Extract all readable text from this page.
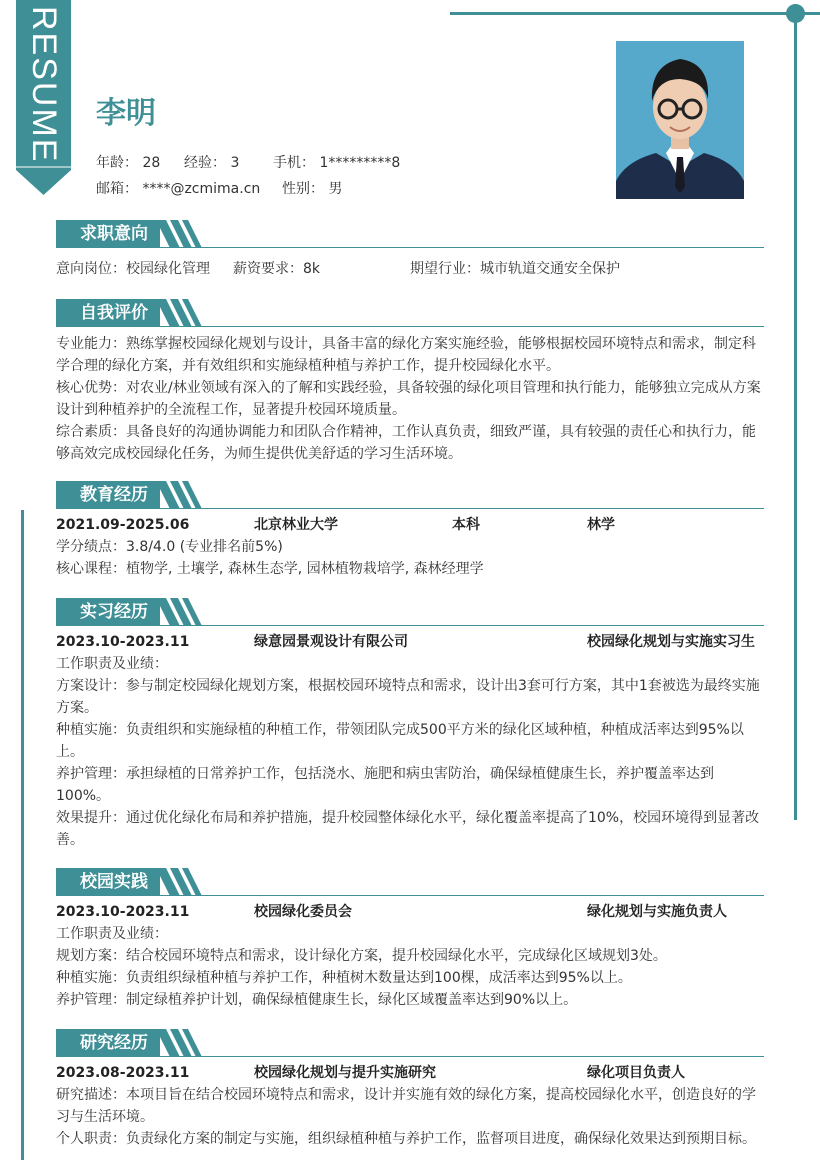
RESUME 李明
年龄： 28 经验： 3 手机： 1*********8
邮箱： ****@zcmima.cn 性别： 男
求职意向
意向岗位：校园绿化管理	薪资要求：8k	期望行业：城市轨道交通安全保护
自我评价

专业能力：熟练掌握校园绿化规划与设计，具备丰富的绿化方案实施经验，能够根据校园环境特点和需求，制定科学合理的绿化方案，并有效组织和实施绿植种植与养护工作，提升校园绿化水平。

核心优势：对农业/林业领域有深入的了解和实践经验，具备较强的绿化项目管理和执行能力，能够独立完成从方案设计到种植养护的全流程工作，显著提升校园环境质量。

综合素质：具备良好的沟通协调能力和团队合作精神，工作认真负责，细致严谨，具有较强的责任心和执行力，能够高效完成校园绿化任务，为师生提供优美舒适的学习生活环境。

教育经历
2021.09-2025.06	北京林业大学	本科	林学

学分绩点：3.8/4.0 (专业排名前5%)

核心课程：植物学, 土壤学, 森林生态学, 园林植物栽培学, 森林经理学

实习经历
2023.10-2023.11	绿意园景观设计有限公司	校园绿化规划与实施实习生

工作职责及业绩：

方案设计：参与制定校园绿化规划方案，根据校园环境特点和需求，设计出3套可行方案，其中1套被选为最终实施方案。

种植实施：负责组织和实施绿植的种植工作，带领团队完成500平方米的绿化区域种植，种植成活率达到95%以上。

养护管理：承担绿植的日常养护工作，包括浇水、施肥和病虫害防治，确保绿植健康生长，养护覆盖率达到100%。

效果提升：通过优化绿化布局和养护措施，提升校园整体绿化水平，绿化覆盖率提高了10%，校园环境得到显著改善。

校园实践
2023.10-2023.11	校园绿化委员会	绿化规划与实施负责人

工作职责及业绩：

规划方案：结合校园环境特点和需求，设计绿化方案，提升校园绿化水平，完成绿化区域规划3处。

种植实施：负责组织绿植种植与养护工作，种植树木数量达到100棵，成活率达到95%以上。

养护管理：制定绿植养护计划，确保绿植健康生长，绿化区域覆盖率达到90%以上。

研究经历
2023.08-2023.11	校园绿化规划与提升实施研究	绿化项目负责人

研究描述：本项目旨在结合校园环境特点和需求，设计并实施有效的绿化方案，提高校园绿化水平，创造良好的学习与生活环境。

个人职责：负责绿化方案的制定与实施，组织绿植种植与养护工作，监督项目进度，确保绿化效果达到预期目标。
